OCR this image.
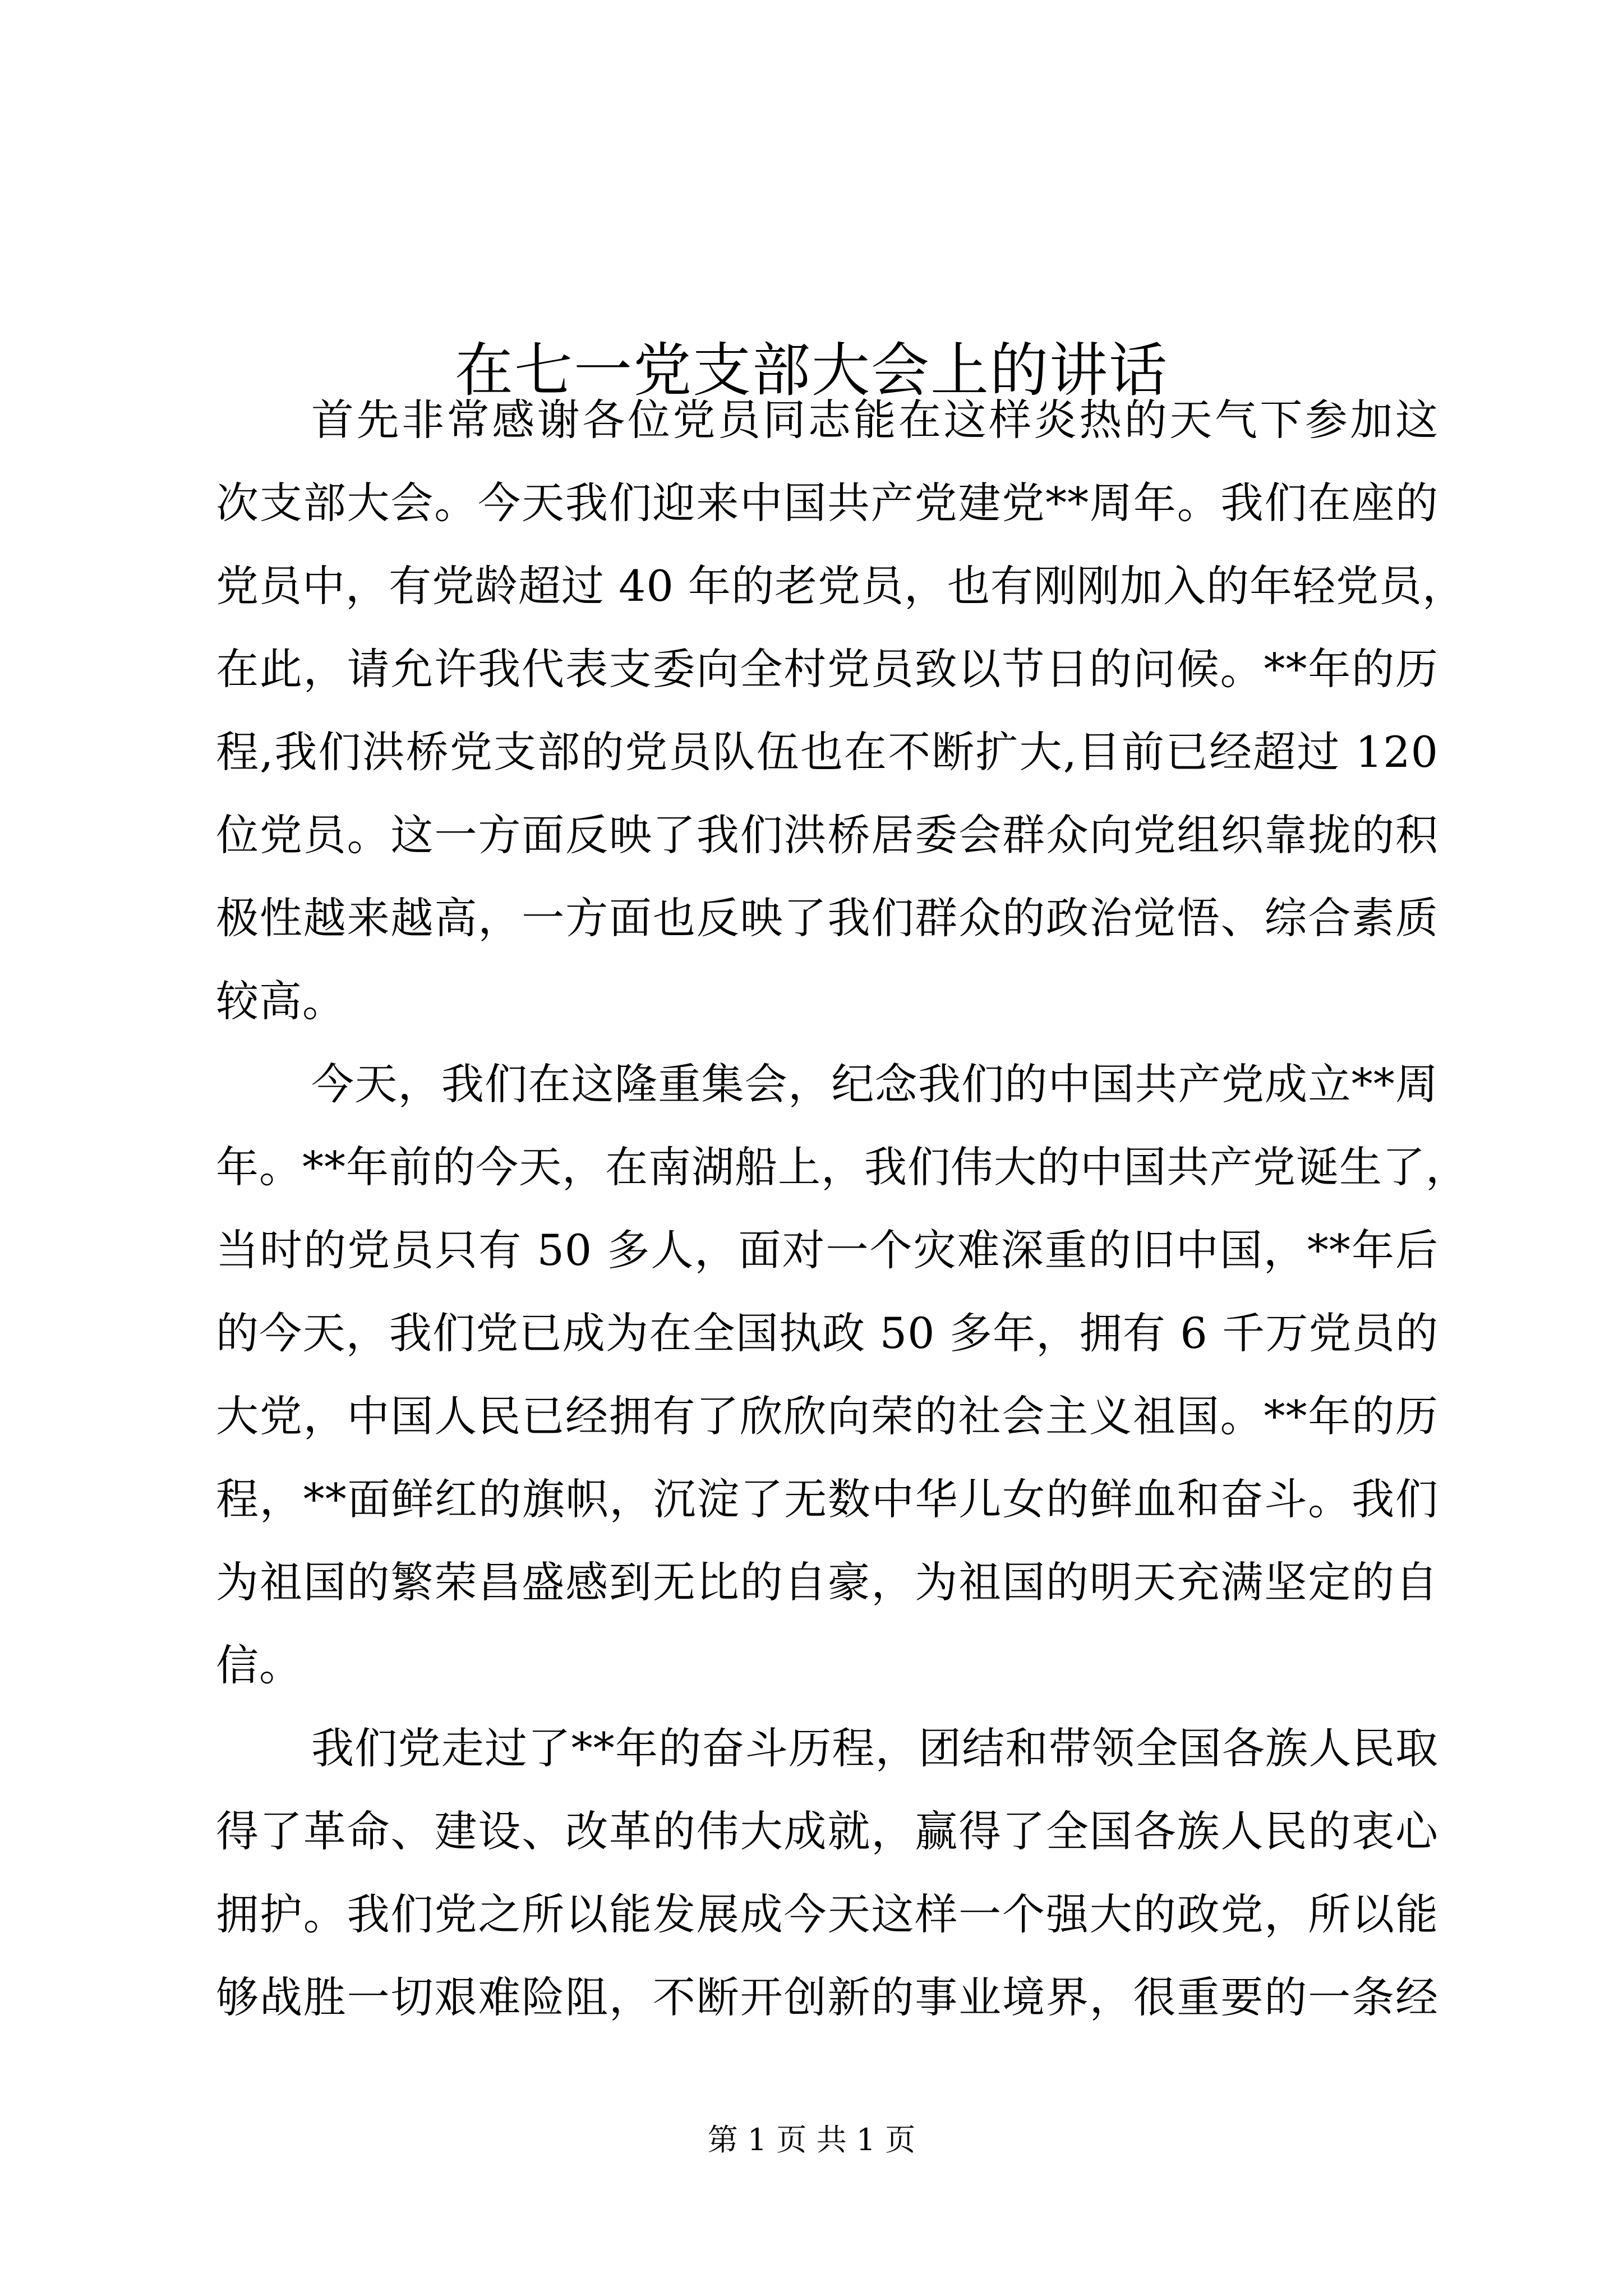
在七一党支部大会上的讲话
首先非常感谢各位党员同志能在这样炎热的天气下参加这
次支部大会。今天我们迎来中国共产党建党**周年。我们在座的
党员中，有党龄超过 40 年的老党员，也有刚刚加入的年轻党员，
在此，请允许我代表支委向全村党员致以节日的问候。**年的历
程,我们洪桥党支部的党员队伍也在不断扩大,目前已经超过 120
位党员。这一方面反映了我们洪桥居委会群众向党组织靠拢的积
极性越来越高，一方面也反映了我们群众的政治觉悟、综合素质
较高。
今天，我们在这隆重集会，纪念我们的中国共产党成立**周
年。**年前的今天，在南湖船上，我们伟大的中国共产党诞生了，
当时的党员只有 50 多人，面对一个灾难深重的旧中国，**年后
的今天，我们党已成为在全国执政 50 多年，拥有 6 千万党员的
大党，中国人民已经拥有了欣欣向荣的社会主义祖国。**年的历
程，**面鲜红的旗帜，沉淀了无数中华儿女的鲜血和奋斗。我们
为祖国的繁荣昌盛感到无比的自豪，为祖国的明天充满坚定的自
信。
我们党走过了**年的奋斗历程，团结和带领全国各族人民取
得了革命、建设、改革的伟大成就，赢得了全国各族人民的衷心
拥护。我们党之所以能发展成今天这样一个强大的政党，所以能
够战胜一切艰难险阻，不断开创新的事业境界，很重要的一条经
第 1 页 共 1 页
